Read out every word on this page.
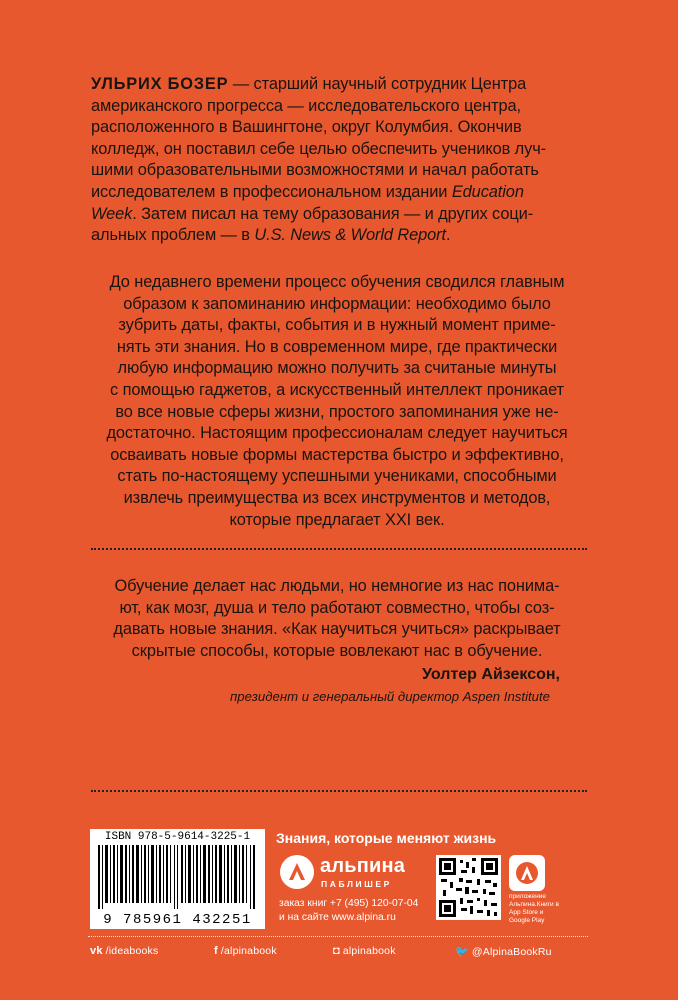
УЛЬРИХ БОЗЕР — старший научный сотрудник Центра
американского прогресса — исследовательского центра,
расположенного в Вашингтоне, округ Колумбия. Окончив
колледж, он поставил себе целью обеспечить учеников луч-
шими образовательными возможностями и начал работать
исследователем в профессиональном издании Education
Week. Затем писал на тему образования — и других соци-
альных проблем — в U.S. News & World Report.
До недавнего времени процесс обучения сводился главным
образом к запоминанию информации: необходимо было
зубрить даты, факты, события и в нужный момент приме-
нять эти знания. Но в современном мире, где практически
любую информацию можно получить за считаные минуты
с помощью гаджетов, а искусственный интеллект проникает
во все новые сферы жизни, простого запоминания уже не-
достаточно. Настоящим профессионалам следует научиться
осваивать новые формы мастерства быстро и эффективно,
стать по-настоящему успешными учениками, способными
извлечь преимущества из всех инструментов и методов,
которые предлагает XXI век.
Обучение делает нас людьми, но немногие из нас понима-
ют, как мозг, душа и тело работают совместно, чтобы соз-
давать новые знания. «Как научиться учиться» раскрывает
скрытые способы, которые вовлекают нас в обучение.
Уолтер Айзексон,
президент и генеральный директор Aspen Institute
ISBN 978-5-9614-3225-1
9 785961 432251
Знания, которые меняют жизнь
альпина
ПАБЛИШЕР
заказ книг +7 (495) 120-07-04
и на сайте www.alpina.ru
приложение Альпина.Книги в App Store и Google Play
vk /ideabooks	f /alpinabook	◘ alpinabook	🐦 @AlpinaBookRu
